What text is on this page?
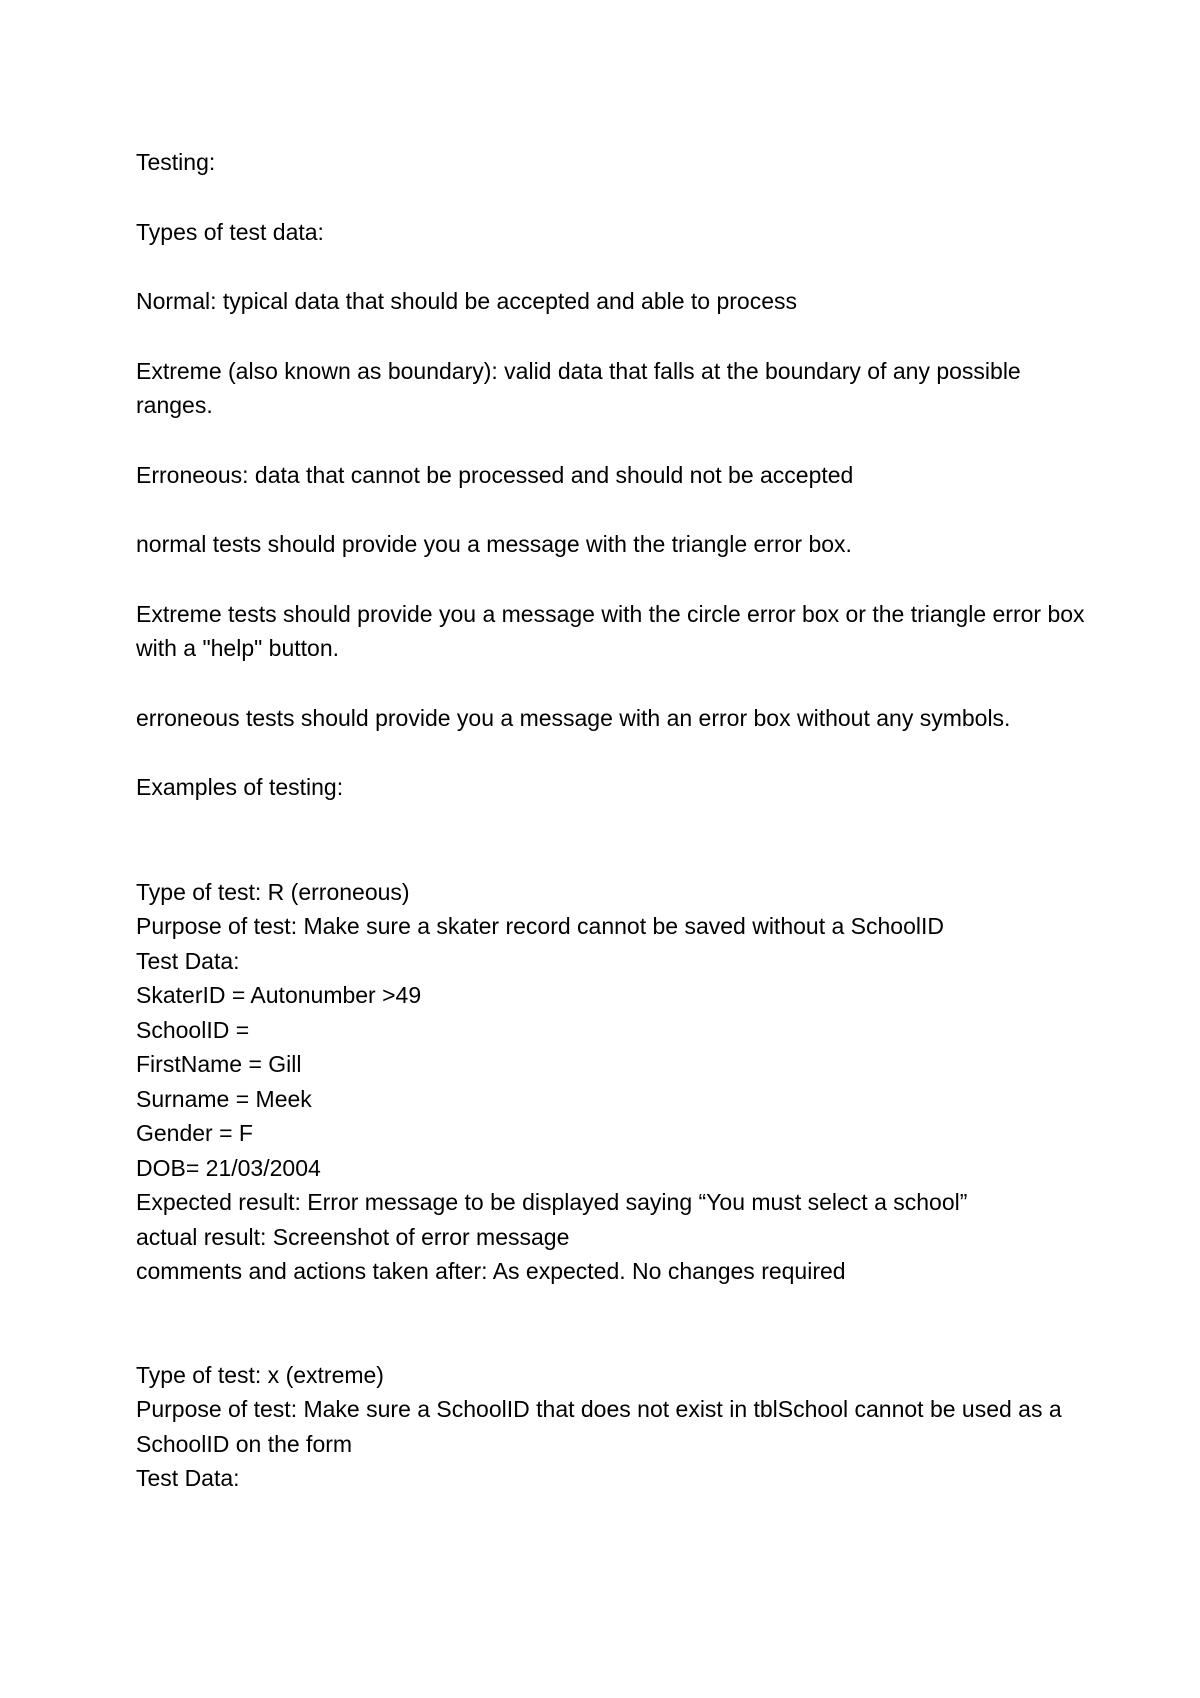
Testing:

Types of test data:

Normal: typical data that should be accepted and able to process

Extreme (also known as boundary): valid data that falls at the boundary of any possible ranges.

Erroneous: data that cannot be processed and should not be accepted

normal tests should provide you a message with the triangle error box.

Extreme tests should provide you a message with the circle error box or the triangle error box with a "help" button.

erroneous tests should provide you a message with an error box without any symbols.

Examples of testing:

Type of test: R (erroneous)
Purpose of test: Make sure a skater record cannot be saved without a SchoolID
Test Data:
SkaterID = Autonumber >49
SchoolID =
FirstName = Gill
Surname = Meek
Gender = F
DOB= 21/03/2004
Expected result: Error message to be displayed saying “You must select a school”
actual result: Screenshot of error message
comments and actions taken after: As expected. No changes required
Type of test: x (extreme)
Purpose of test: Make sure a SchoolID that does not exist in tblSchool cannot be used as a SchoolID on the form
Test Data:
